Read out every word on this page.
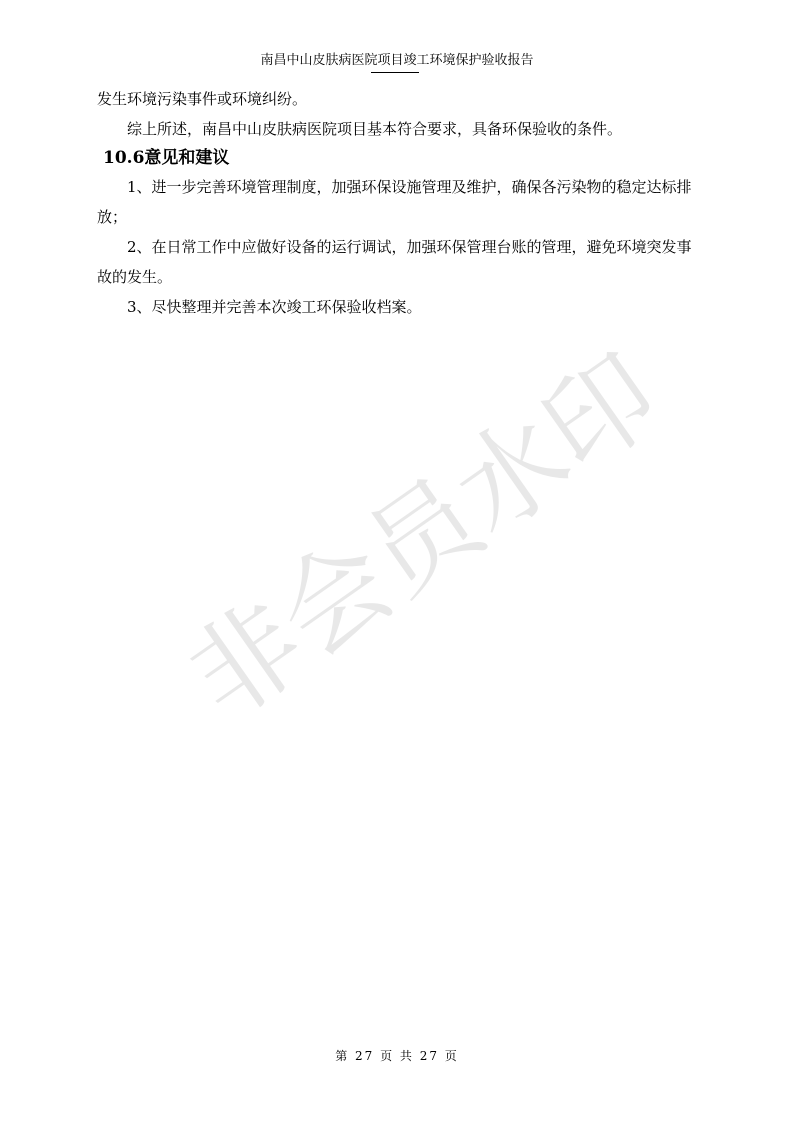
南昌中山皮肤病医院项目竣工环境保护验收报告

发生环境污染事件或环境纠纷。

综上所述，南昌中山皮肤病医院项目基本符合要求，具备环保验收的条件。

10.6意见和建议

1、进一步完善环境管理制度，加强环保设施管理及维护，确保各污染物的稳定达标排放；

2、在日常工作中应做好设备的运行调试，加强环保管理台账的管理，避免环境突发事故的发生。

3、尽快整理并完善本次竣工环保验收档案。

非会员水印
第 27 页 共 27 页
